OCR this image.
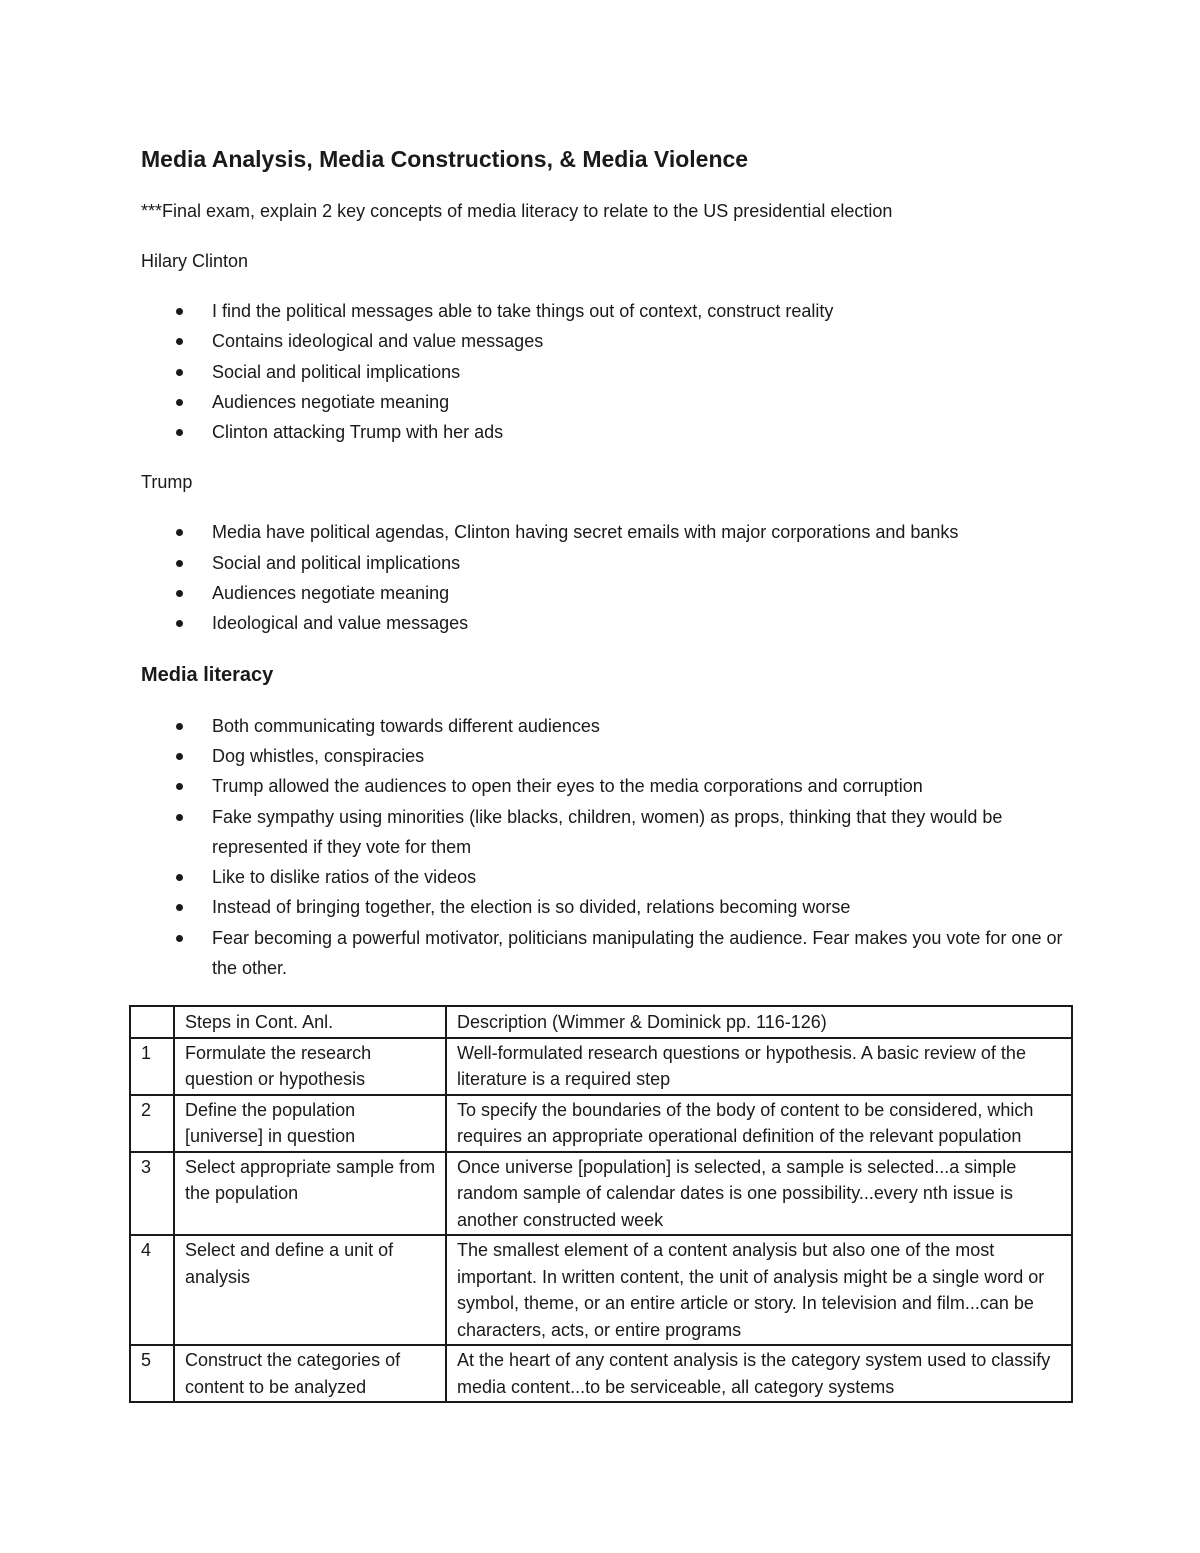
Media Analysis, Media Constructions, & Media Violence

***Final exam, explain 2 key concepts of media literacy to relate to the US presidential election

Hilary Clinton

I find the political messages able to take things out of context, construct reality
Contains ideological and value messages
Social and political implications
Audiences negotiate meaning
Clinton attacking Trump with her ads

Trump

Media have political agendas, Clinton having secret emails with major corporations and banks
Social and political implications
Audiences negotiate meaning
Ideological and value messages
Media literacy
Both communicating towards different audiences
Dog whistles, conspiracies
Trump allowed the audiences to open their eyes to the media corporations and corruption
Fake sympathy using minorities (like blacks, children, women) as props, thinking that they would be represented if they vote for them
Like to dislike ratios of the videos
Instead of bringing together, the election is so divided, relations becoming worse
Fear becoming a powerful motivator, politicians manipulating the audience. Fear makes you vote for one or the other.
	Steps in Cont. Anl.	Description (Wimmer & Dominick pp. 116-126)
1	Formulate the research question or hypothesis	Well-formulated research questions or hypothesis. A basic review of the literature is a required step
2	Define the population [universe] in question	To specify the boundaries of the body of content to be considered, which requires an appropriate operational definition of the relevant population
3	Select appropriate sample from the population	Once universe [population] is selected, a sample is selected...a simple random sample of calendar dates is one possibility...every nth issue is another constructed week
4	Select and define a unit of analysis	The smallest element of a content analysis but also one of the most important. In written content, the unit of analysis might be a single word or symbol, theme, or an entire article or story. In television and film...can be characters, acts, or entire programs
5	Construct the categories of content to be analyzed	At the heart of any content analysis is the category system used to classify media content...to be serviceable, all category systems
